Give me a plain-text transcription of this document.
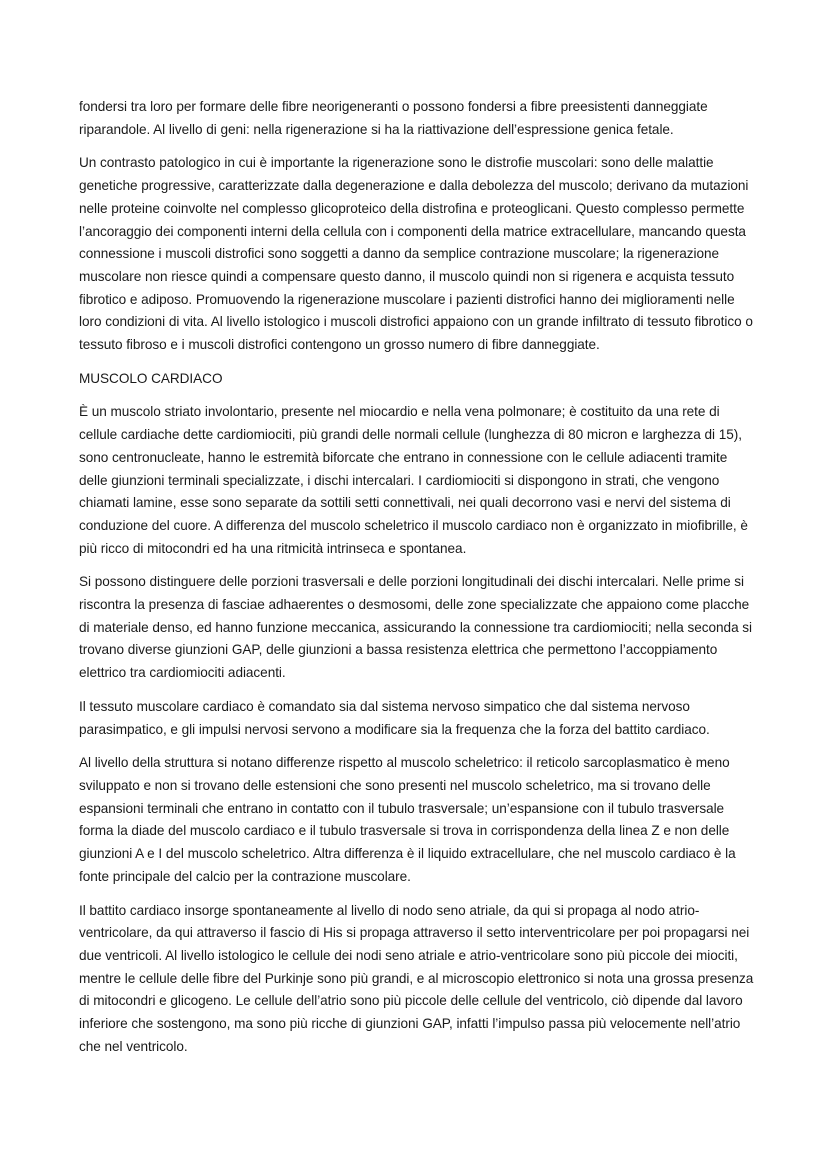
fondersi tra loro per formare delle fibre neorigeneranti o possono fondersi a fibre preesistenti danneggiate riparandole. Al livello di geni: nella rigenerazione si ha la riattivazione dell’espressione genica fetale.

Un contrasto patologico in cui è importante la rigenerazione sono le distrofie muscolari: sono delle malattie genetiche progressive, caratterizzate dalla degenerazione e dalla debolezza del muscolo; derivano da mutazioni nelle proteine coinvolte nel complesso glicoproteico della distrofina e proteoglicani. Questo complesso permette l’ancoraggio dei componenti interni della cellula con i componenti della matrice extracellulare, mancando questa connessione i muscoli distrofici sono soggetti a danno da semplice contrazione muscolare; la rigenerazione muscolare non riesce quindi a compensare questo danno, il muscolo quindi non si rigenera e acquista tessuto fibrotico e adiposo. Promuovendo la rigenerazione muscolare i pazienti distrofici hanno dei miglioramenti nelle loro condizioni di vita. Al livello istologico i muscoli distrofici appaiono con un grande infiltrato di tessuto fibrotico o tessuto fibroso e i muscoli distrofici contengono un grosso numero di fibre danneggiate.

MUSCOLO CARDIACO

È un muscolo striato involontario, presente nel miocardio e nella vena polmonare; è costituito da una rete di cellule cardiache dette cardiomiociti, più grandi delle normali cellule (lunghezza di 80 micron e larghezza di 15), sono centronucleate, hanno le estremità biforcate che entrano in connessione con le cellule adiacenti tramite delle giunzioni terminali specializzate, i dischi intercalari. I cardiomiociti si dispongono in strati, che vengono chiamati lamine, esse sono separate da sottili setti connettivali, nei quali decorrono vasi e nervi del sistema di conduzione del cuore. A differenza del muscolo scheletrico il muscolo cardiaco non è organizzato in miofibrille, è più ricco di mitocondri ed ha una ritmicità intrinseca e spontanea.

Si possono distinguere delle porzioni trasversali e delle porzioni longitudinali dei dischi intercalari. Nelle prime si riscontra la presenza di fasciae adhaerentes o desmosomi, delle zone specializzate che appaiono come placche di materiale denso, ed hanno funzione meccanica, assicurando la connessione tra cardiomiociti; nella seconda si trovano diverse giunzioni GAP, delle giunzioni a bassa resistenza elettrica che permettono l’accoppiamento elettrico tra cardiomiociti adiacenti.

Il tessuto muscolare cardiaco è comandato sia dal sistema nervoso simpatico che dal sistema nervoso parasimpatico, e gli impulsi nervosi servono a modificare sia la frequenza che la forza del battito cardiaco.

Al livello della struttura si notano differenze rispetto al muscolo scheletrico: il reticolo sarcoplasmatico è meno sviluppato e non si trovano delle estensioni che sono presenti nel muscolo scheletrico, ma si trovano delle espansioni terminali che entrano in contatto con il tubulo trasversale; un’espansione con il tubulo trasversale forma la diade del muscolo cardiaco e il tubulo trasversale si trova in corrispondenza della linea Z e non delle giunzioni A e I del muscolo scheletrico. Altra differenza è il liquido extracellulare, che nel muscolo cardiaco è la fonte principale del calcio per la contrazione muscolare.

Il battito cardiaco insorge spontaneamente al livello di nodo seno atriale, da qui si propaga al nodo atrio-ventricolare, da qui attraverso il fascio di His si propaga attraverso il setto interventricolare per poi propagarsi nei due ventricoli. Al livello istologico le cellule dei nodi seno atriale e atrio-ventricolare sono più piccole dei miociti, mentre le cellule delle fibre del Purkinje sono più grandi, e al microscopio elettronico si nota una grossa presenza di mitocondri e glicogeno. Le cellule dell’atrio sono più piccole delle cellule del ventricolo, ciò dipende dal lavoro inferiore che sostengono, ma sono più ricche di giunzioni GAP, infatti l’impulso passa più velocemente nell’atrio che nel ventricolo.
